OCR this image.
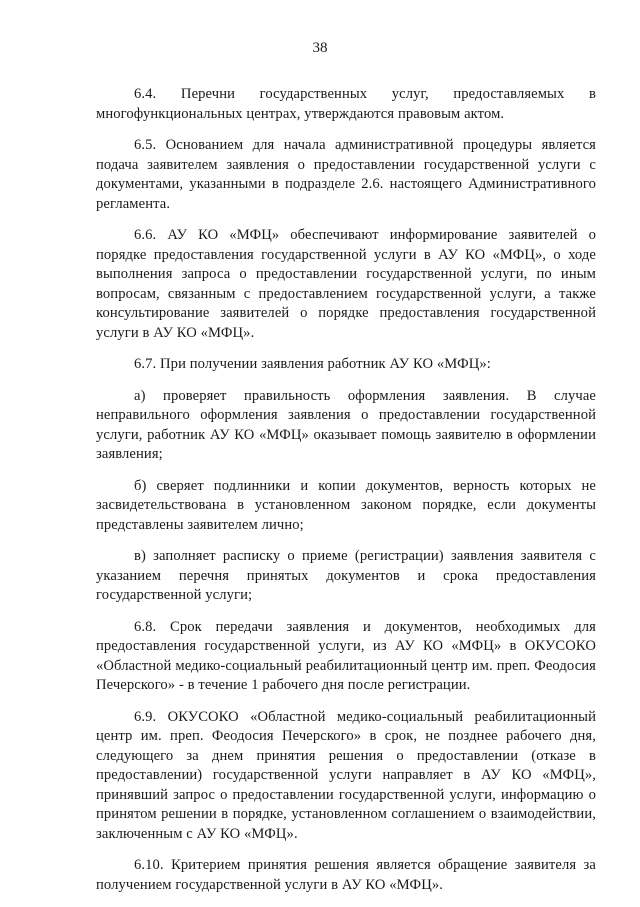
38

6.4. Перечни государственных услуг, предоставляемых в многофункциональных центрах, утверждаются правовым актом.

6.5. Основанием для начала административной процедуры является подача заявителем заявления о предоставлении государственной услуги с документами, указанными в подразделе 2.6. настоящего Административного регламента.

6.6. АУ КО «МФЦ» обеспечивают информирование заявителей о порядке предоставления государственной услуги в АУ КО «МФЦ», о ходе выполнения запроса о предоставлении государственной услуги, по иным вопросам, связанным с предоставлением государственной услуги, а также консультирование заявителей о порядке предоставления государственной услуги в АУ КО «МФЦ».

6.7. При получении заявления работник АУ КО «МФЦ»:

а) проверяет правильность оформления заявления. В случае неправильного оформления заявления о предоставлении государственной услуги, работник АУ КО «МФЦ» оказывает помощь заявителю в оформлении заявления;

б) сверяет подлинники и копии документов, верность которых не засвидетельствована в установленном законом порядке, если документы представлены заявителем лично;

в) заполняет расписку о приеме (регистрации) заявления заявителя с указанием перечня принятых документов и срока предоставления государственной услуги;

6.8. Срок передачи заявления и документов, необходимых для предоставления государственной услуги, из АУ КО «МФЦ» в ОКУСОКО «Областной медико-социальный реабилитационный центр им. преп. Феодосия Печерского» - в течение 1 рабочего дня после регистрации.

6.9. ОКУСОКО «Областной медико-социальный реабилитационный центр им. преп. Феодосия Печерского» в срок, не позднее рабочего дня, следующего за днем принятия решения о предоставлении (отказе в предоставлении) государственной услуги направляет в АУ КО «МФЦ», принявший запрос о предоставлении государственной услуги, информацию о принятом решении в порядке, установленном соглашением о взаимодействии, заключенным с АУ КО «МФЦ».

6.10. Критерием принятия решения является обращение заявителя за получением государственной услуги в АУ КО «МФЦ».
